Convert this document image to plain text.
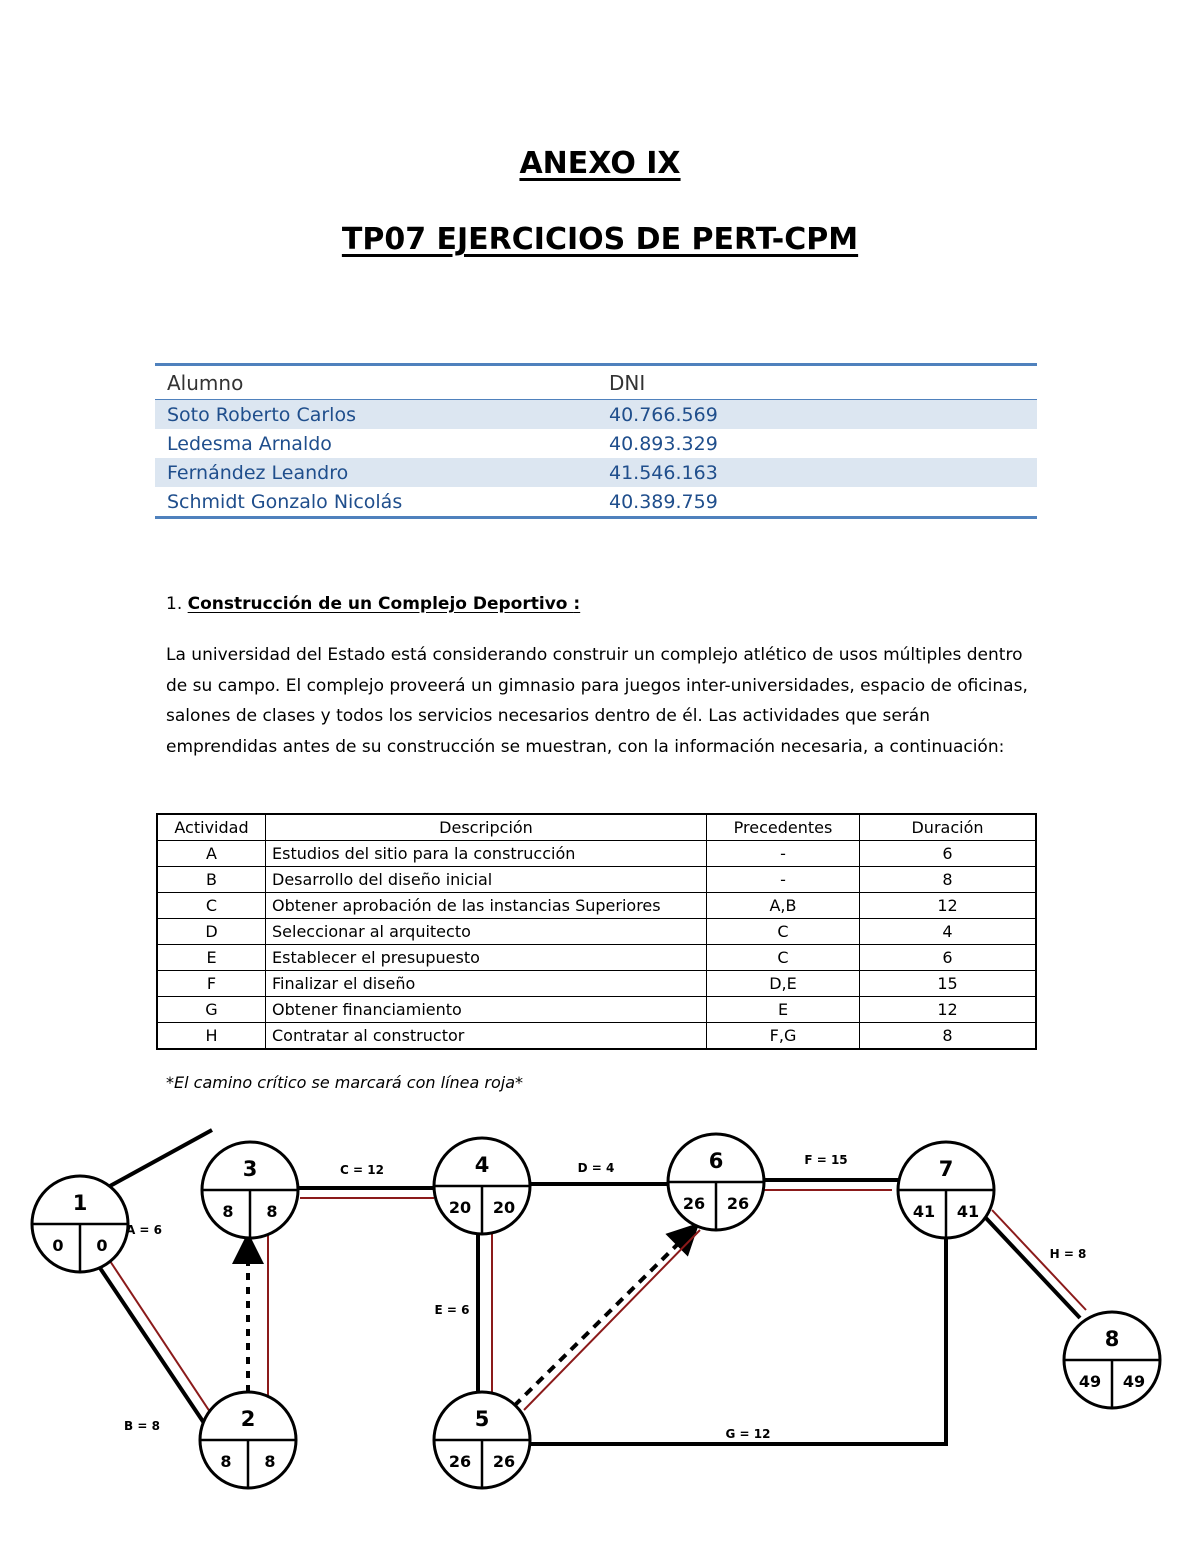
ANEXO IX
TP07 EJERCICIOS DE PERT-CPM
Alumno	DNI
Soto Roberto Carlos	40.766.569
Ledesma Arnaldo	40.893.329
Fernández Leandro	41.546.163
Schmidt Gonzalo Nicolás	40.389.759
1. Construcción de un Complejo Deportivo :

La universidad del Estado está considerando construir un complejo atlético de usos múltiples dentro de su campo. El complejo proveerá un gimnasio para juegos inter-universidades, espacio de oficinas, salones de clases y todos los servicios necesarios dentro de él. Las actividades que serán emprendidas antes de su construcción se muestran, con la información necesaria, a continuación:

Actividad	Descripción	Precedentes	Duración
A	Estudios del sitio para la construcción	-	6
B	Desarrollo del diseño inicial	-	8
C	Obtener aprobación de las instancias Superiores	A,B	12
D	Seleccionar al arquitecto	C	4
E	Establecer el presupuesto	C	6
F	Finalizar el diseño	D,E	15
G	Obtener financiamiento	E	12
H	Contratar al constructor	F,G	8
*El camino crítico se marcará con línea roja*
1
0 0
2
8 8
3
8 8
4
20 20
5
26 26
6
26 26
7
41 41
8
49 49
A = 6
B = 8
C = 12	D = 4
E = 6
F = 15
G = 12
H = 8
